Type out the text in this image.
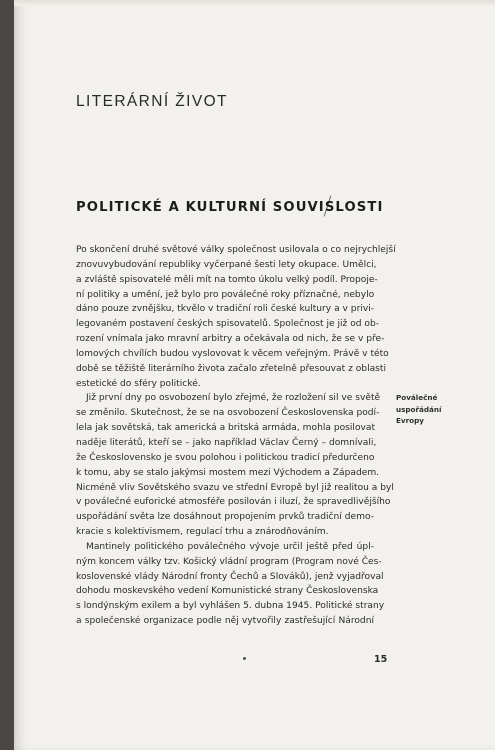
LITERÁRNÍ ŽIVOT
POLITICKÉ A KULTURNÍ SOUVISLOSTI

Po skončení druhé světové války společnost usilovala o co nejrychlejší
znovuvybudování republiky vyčerpané šesti lety okupace. Umělci,
a zvláště spisovatelé měli mít na tomto úkolu velký podíl. Propoje-
ní politiky a umění, jež bylo pro poválečné roky příznačné, nebylo
dáno pouze zvnějšku, tkvělo v tradiční roli české kultury a v privi-
legovaném postavení českých spisovatelů. Společnost je již od ob-
rození vnímala jako mravní arbitry a očekávala od nich, že se v pře-
lomových chvílích budou vyslovovat k věcem veřejným. Právě v této
době se těžiště literárního života začalo zřetelně přesouvat z oblasti
estetické do sféry politické.

Již první dny po osvobození bylo zřejmé, že rozložení sil ve světě
se změnilo. Skutečnost, že se na osvobození Československa podí-
lela jak sovětská, tak americká a britská armáda, mohla posilovat
naděje literátů, kteří se – jako například Václav Černý – domnívali,
že Československo je svou polohou i politickou tradicí předurčeno
k tomu, aby se stalo jakýmsi mostem mezi Východem a Západem.
Nicméně vliv Sovětského svazu ve střední Evropě byl již realitou a byl
v poválečné euforické atmosféře posilován i iluzí, že spravedlivějšího
uspořádání světa lze dosáhnout propojením prvků tradiční demo-
kracie s kolektivismem, regulací trhu a znárodňováním.

Mantinely politického poválečného vývoje určil ještě před úpl-
ným koncem války tzv. Košický vládní program (Program nové Čes-
koslovenské vlády Národní fronty Čechů a Slováků), jenž vyjadřoval
dohodu moskevského vedení Komunistické strany Československa
s londýnským exilem a byl vyhlášen 5. dubna 1945. Politické strany
a společenské organizace podle něj vytvořily zastřešující Národní

Poválečné
uspořádání
Evropy
15
